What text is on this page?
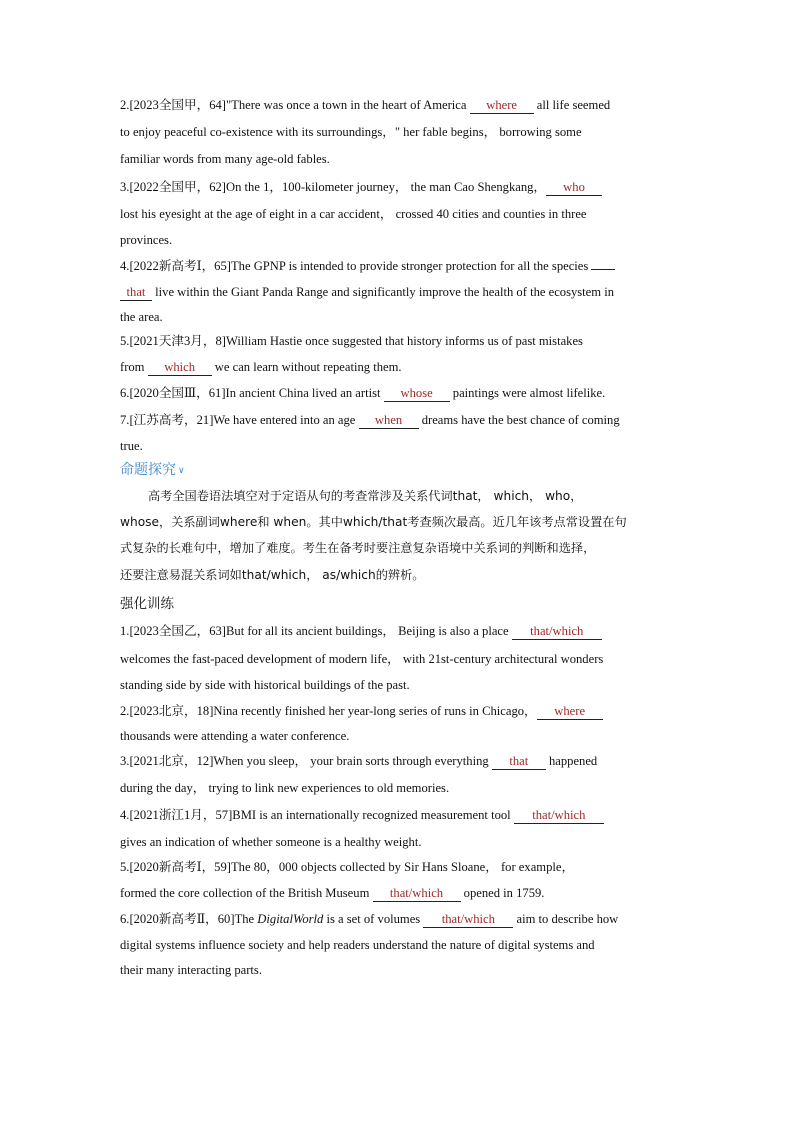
2.[2023全国甲，64]"There was once a town in the heart of America where all life seemed
to enjoy peaceful co-existence with its surroundings，" her fable begins， borrowing some
familiar words from many age-old fables.
3.[2022全国甲，62]On the 1，100-kilometer journey， the man Cao Shengkang， who
lost his eyesight at the age of eight in a car accident， crossed 40 cities and counties in three
provinces.
4.[2022新高考Ⅰ，65]The GPNP is intended to provide stronger protection for all the species
that live within the Giant Panda Range and significantly improve the health of the ecosystem in
the area.
5.[2021天津3月，8]William Hastie once suggested that history informs us of past mistakes
from which we can learn without repeating them.
6.[2020全国Ⅲ，61]In ancient China lived an artist whose paintings were almost lifelike.
7.[江苏高考，21]We have entered into an age when dreams have the best chance of coming
true.
命题探究 ∨
高考全国卷语法填空对于定语从句的考查常涉及关系代词that， which， who，
whose，关系副词where和 when。其中which/that考查频次最高。近几年该考点常设置在句
式复杂的长难句中，增加了难度。考生在备考时要注意复杂语境中关系词的判断和选择，
还要注意易混关系词如that/which， as/which的辨析。
强化训练
1.[2023全国乙，63]But for all its ancient buildings， Beijing is also a place that/which
welcomes the fast-paced development of modern life， with 21st-century architectural wonders
standing side by side with historical buildings of the past.
2.[2023北京，18]Nina recently finished her year-long series of runs in Chicago， where
thousands were attending a water conference.
3.[2021北京，12]When you sleep， your brain sorts through everything that happened
during the day， trying to link new experiences to old memories.
4.[2021浙江1月，57]BMI is an internationally recognized measurement tool that/which
gives an indication of whether someone is a healthy weight.
5.[2020新高考Ⅰ，59]The 80，000 objects collected by Sir Hans Sloane， for example，
formed the core collection of the British Museum that/which opened in 1759.
6.[2020新高考Ⅱ，60]The DigitalWorld is a set of volumes that/which aim to describe how
digital systems influence society and help readers understand the nature of digital systems and
their many interacting parts.
